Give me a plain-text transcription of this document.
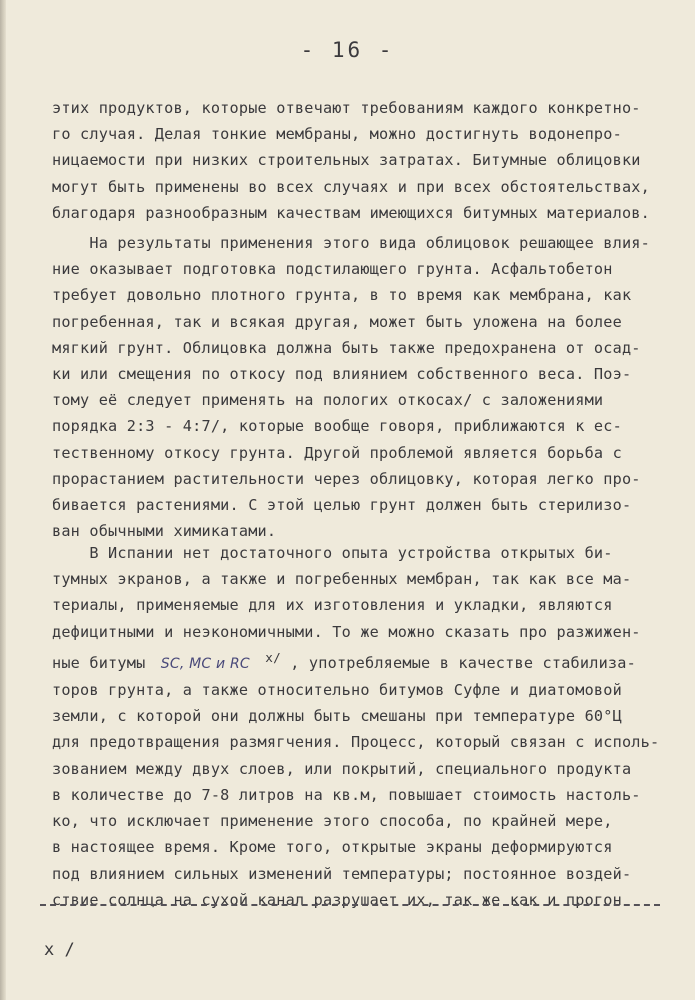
- 16 -
этих продуктов, которые отвечают требованиям каждого конкретно-
го случая. Делая тонкие мембраны, можно достигнуть водонепро-
ницаемости при низких строительных затратах. Битумные облицовки
могут быть применены во всех случаях и при всех обстоятельствах,
благодаря разнообразным качествам имеющихся битумных материалов.
На результаты применения этого вида облицовок решающее влия-
ние оказывает подготовка подстилающего грунта. Асфальтобетон
требует довольно плотного грунта, в то время как мембрана, как
погребенная, так и всякая другая, может быть уложена на более
мягкий грунт. Облицовка должна быть также предохранена от осад-
ки или смещения по откосу под влиянием собственного веса. Поэ-
тому её следует применять на пологих откосах/ с заложениями
порядка 2:3 - 4:7/, которые вообще говоря, приближаются к ес-
тественному откосу грунта. Другой проблемой является борьба с
прорастанием растительности через облицовку, которая легко про-
бивается растениями. С этой целью грунт должен быть стерилизо-
ван обычными химикатами.
В Испании нет достаточного опыта устройства открытых би-
тумных экранов, а также и погребенных мембран, так как все ма-
териалы, применяемые для их изготовления и укладки, являются
дефицитными и неэкономичными. То же можно сказать про разжижен-
ные битумы SC, MC и RC $^{x/}$ , употребляемые в качестве стабилиза-
торов грунта, а также относительно битумов Суфле и диатомовой
земли, с которой они должны быть смешаны при температуре 60°Ц
для предотвращения размягчения. Процесс, который связан с исполь-
зованием между двух слоев, или покрытий, специального продукта
в количестве до 7-8 литров на кв.м, повышает стоимость настоль-
ко, что исключает применение этого способа, по крайней мере,
в настоящее время. Кроме того, открытые экраны деформируются
под влиянием сильных изменений температуры; постоянное воздей-
ствие солнца на сухой канал разрушает их, так же как и прогон
x /
